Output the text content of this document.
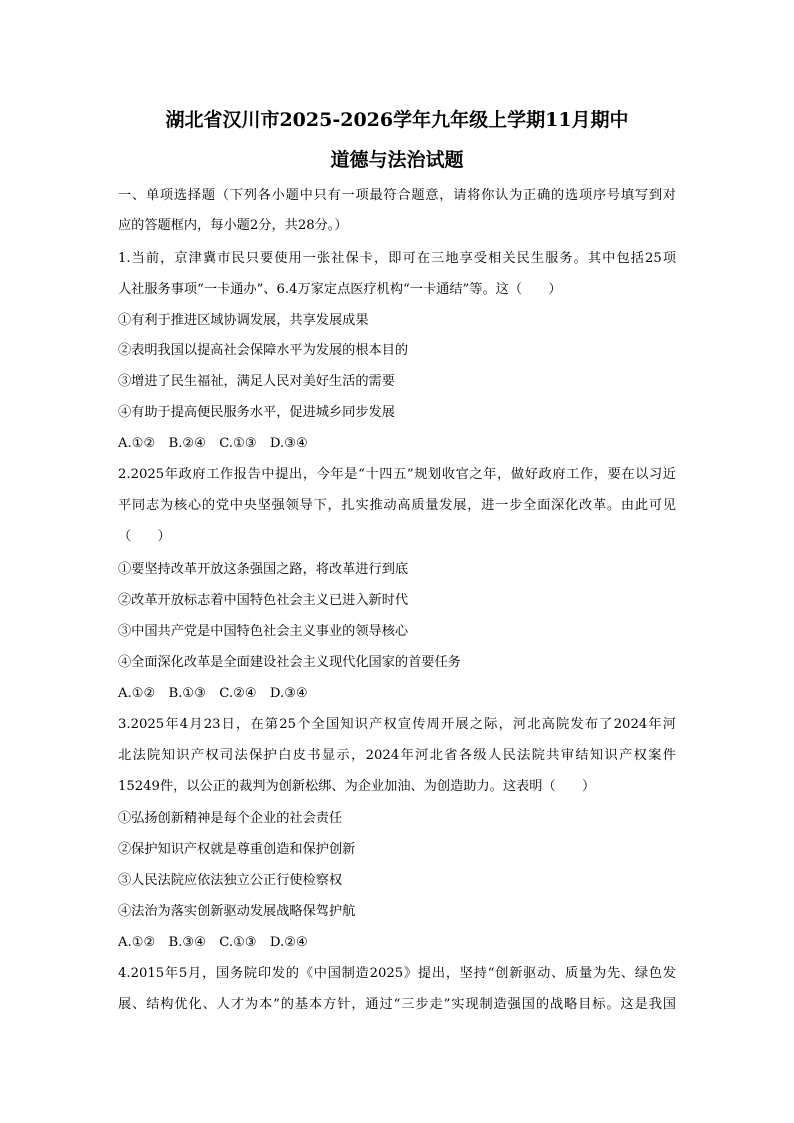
湖北省汉川市2025-2026学年九年级上学期11月期中
道德与法治试题
一、单项选择题（下列各小题中只有一项最符合题意，请将你认为正确的选项序号填写到对
应的答题框内，每小题2分，共28分。）
1.当前，京津冀市民只要使用一张社保卡，即可在三地享受相关民生服务。其中包括25项
人社服务事项“一卡通办”、6.4万家定点医疗机构“一卡通结”等。这（　　）
①有利于推进区域协调发展，共享发展成果
②表明我国以提高社会保障水平为发展的根本目的
③增进了民生福祉，满足人民对美好生活的需要
④有助于提高便民服务水平，促进城乡同步发展
A.①②　B.②④　C.①③　D.③④
2.2025年政府工作报告中提出，今年是“十四五”规划收官之年，做好政府工作，要在以习近
平同志为核心的党中央坚强领导下，扎实推动高质量发展，进一步全面深化改革。由此可见
（　　）
①要坚持改革开放这条强国之路，将改革进行到底
②改革开放标志着中国特色社会主义已进入新时代
③中国共产党是中国特色社会主义事业的领导核心
④全面深化改革是全面建设社会主义现代化国家的首要任务
A.①②　B.①③　C.②④　D.③④
3.2025年4月23日，在第25个全国知识产权宣传周开展之际，河北高院发布了2024年河
北法院知识产权司法保护白皮书显示，2024年河北省各级人民法院共审结知识产权案件
15249件，以公正的裁判为创新松绑、为企业加油、为创造助力。这表明（　　）
①弘扬创新精神是每个企业的社会责任
②保护知识产权就是尊重创造和保护创新
③人民法院应依法独立公正行使检察权
④法治为落实创新驱动发展战略保驾护航
A.①②　B.③④　C.①③　D.②④
4.2015年5月，国务院印发的《中国制造2025》提出，坚持“创新驱动、质量为先、绿色发
展、结构优化、人才为本”的基本方针，通过“三步走”实现制造强国的战略目标。这是我国
